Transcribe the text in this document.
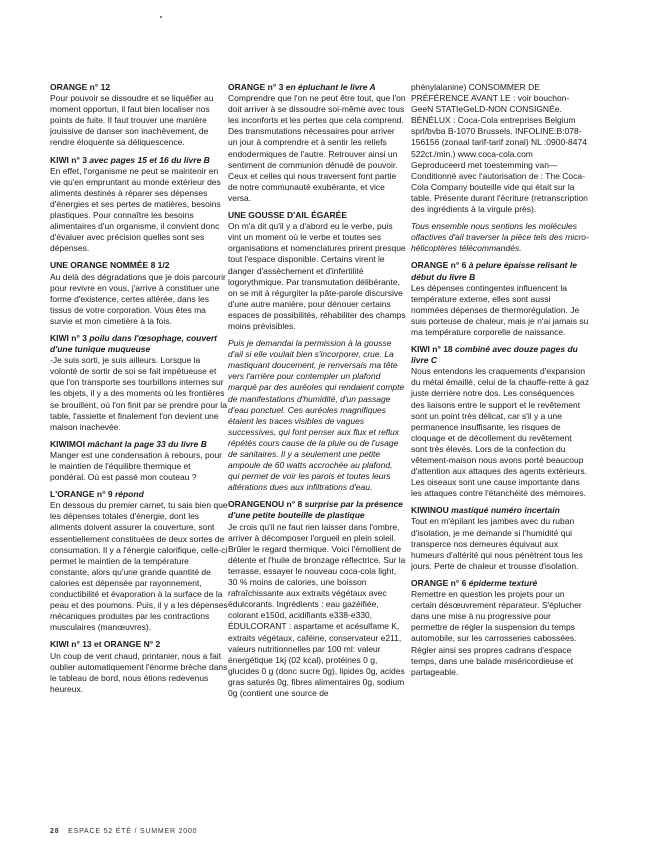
ORANGE n° 12

Pour pouvoir se dissoudre et se liquéfier au moment opportun, il faut bien localiser nos points de fuite. Il faut trouver une manière jouissive de danser son inachèvement, de rendre éloquente sa déliquescence.

KIWI n° 3 avec pages 15 et 16 du livre B

En effet, l'organisme ne peut se maintenir en vie qu'en empruntant au monde extérieur des aliments destinés à réparer ses dépenses d'énergies et ses pertes de matières, besoins plastiques. Pour connaître les besoins alimentaires d'un organisme, il convient donc d'évaluer avec précision quelles sont ses dépenses.

UNE ORANGE NOMMÉE 8 1/2

Au delà des dégradations que je dois parcourir pour revivre en vous, j'arrive à constituer une forme d'existence, certes altérée, dans les tissus de votre corporation. Vous êtes ma survie et mon cimetière à la fois.

KIWI n° 3 poilu dans l'œsophage, couvert d'une tunique muqueuse

-Je suis sorti, je suis ailleurs. Lorsque la volonté de sortir de soi se fait impétueuse et que l'on transporte ses tourbillons internes sur les objets, il y a des moments où les frontières se brouillent, où l'on finit par se prendre pour la table, l'assiette et finalement l'on devient une maison inachevée.

KIWIMOI mâchant la page 33 du livre B

Manger est une condensation à rebours, pour le maintien de l'équilibre thermique et pondéral. Où est passé mon couteau ?

L'ORANGE n° 9 répond

En dessous du premier carnet, tu sais bien que les dépenses totales d'énergie, dont les aliments doivent assurer la couverture, sont essentiellement constituées de deux sortes de consumation. Il y a l'énergie calorifique, celle-ci permet le maintien de la température constante, alors qu'une grande quantité de calories est dépensée par rayonnement, conductibilité et évaporation à la surface de la peau et des poumons. Puis, il y a les dépenses mécaniques produites par les contractions musculaires (manœuvres).

KIWI n° 13 et ORANGE N° 2

Un coup de vent chaud, printanier, nous a fait oublier automatiquement l'énorme brèche dans le tableau de bord, nous étions redevenus heureux.

ORANGE n° 3 en épluchant le livre A

Comprendre que l'on ne peut être tout, que l'on doit arriver à se dissoudre soi-même avec tous les inconforts et les pertes que cela comprend. Des transmutations nécessaires pour arriver un jour à comprendre et à sentir les reliefs endodermiques de l'autre. Retrouver ainsi un sentiment de communion dénudé de pouvoir. Ceux et celles qui nous traversent font partie de notre communauté exubérante, et vice versa.

UNE GOUSSE D'AIL ÉGARÉE

On m'a dit qu'il y a d'abord eu le verbe, puis vint un moment où le verbe et toutes ses organisations et nomenclatures prirent presque tout l'espace disponible. Certains virent le danger d'assèchement et d'infertilité logorythmique. Par transmutation délibérante, on se mit à régurgiter la pâte-parole discursive d'une autre manière, pour dénouer certains espaces de possibilités, réhabiliter des champs moins prévisibles.

Puis je demandai la permission à la gousse d'ail si elle voulait bien s'incorporer, crue. La mastiquant doucement, je renversais ma tête vers l'arrière pour contempler un plafond marqué par des auréoles qui rendaient compte de manifestations d'humidité, d'un passage d'eau ponctuel. Ces auréoles magnifiques étaient les traces visibles de vagues successives, qui font penser aux flux et reflux répétés cours cause de la pluie ou de l'usage de sanitaires. Il y a seulement une petite ampoule de 60 watts accrochée au plafond, qui permet de voir les parois et toutes leurs altérations dues aux infiltrations d'eau.

ORANGENOU n° 8 surprise par la présence d'une petite bouteille de plastique

Je crois qu'il ne faut rien laisser dans l'ombre, arriver à décomposer l'orgueil en plein soleil. Brûler le regard thermique. Voici l'émollient de détente et l'huile de bronzage réflectrice. Sur la terrasse, essayer le nouveau coca-cola light, 30 % moins de calories, une boisson rafraîchissante aux extraits végétaux avec édulcorants. Ingrédients : eau gazéifiée, colorant e150d, acidifiants e338-e330, ÉDULCORANT : aspartame et acésulfame K, extraits végétaux, caféine, conservateur e211, valeurs nutritionnelles par 100 ml: valeur énergétique 1kj (02 kcal), protéines 0 g, glucides 0 g (donc sucre 0g), lipides 0g, acides gras saturés 0g, fibres alimentaires 0g, sodium 0g (contient une source de

phénylalanine) CONSOMMER DE PRÉFÉRENCE AVANT LE : voir bouchon-GeeN STATIeGeLD-NON CONSIGNÉe. BÉNÉLUX : Coca-Cola entreprises Belgium sprl/bvba B-1070 Brussels. INFOLINE:B:078-156156 (zonaal tarif-tarif zonal) NL :0900-8474 522ct./min.) www.coca-cola.com Geproduceerd met toestemming van— Conditionné avec l'autorisation de : The Coca-Cola Company bouteille vide qui était sur la table. Présente durant l'écriture (retranscription des ingrédients à la virgule près).

Tous ensemble nous sentions les molécules olfactives d'ail traverser la pièce tels des micro-hélicoptères télécommandés.

ORANGE n° 6 à pelure épaisse relisant le début du livre B

Les dépenses contingentes influencent la température externe, elles sont aussi nommées dépenses de thermorégulation. Je suis porteuse de chaleur, mais je n'ai jamais su ma température corporelle de naissance.

KIWI n° 18 combiné avec douze pages du livre C

Nous entendons les craquements d'expansion du métal émaillé, celui de la chauffe-rette à gaz juste derrière notre dos. Les conséquences des liaisons entre le support et le revêtement sont un point très délicat, car s'il y a une permanence insuffisante, les risques de cloquage et de décollement du revêtement sont très élevés. Lors de la confection du vêtement-maison nous avons porté beaucoup d'attention aux attaques des agents extérieurs. Les oiseaux sont une cause importante dans les attaques contre l'étanchéité des mémoires.

KIWINOU mastiqué numéro incertain

Tout en m'épilant les jambes avec du ruban d'isolation, je me demande si l'humidité qui transperce nos demeures équivaut aux humeurs d'altérité qui nous pénètrent tous les jours. Perte de chaleur et trousse d'isolation.

ORANGE n° 6 épiderme texturé

Remettre en question les projets pour un certain désœuvrement réparateur. S'éplucher dans une mise à nu progressive pour permettre de régler la suspension du temps automobile, sur les carrosseries cabossées. Régler ainsi ses propres cadrans d'espace temps, dans une balade miséricordieuse et partageable.

28 ESPACE 52 ÉTÉ / SUMMER 2000
